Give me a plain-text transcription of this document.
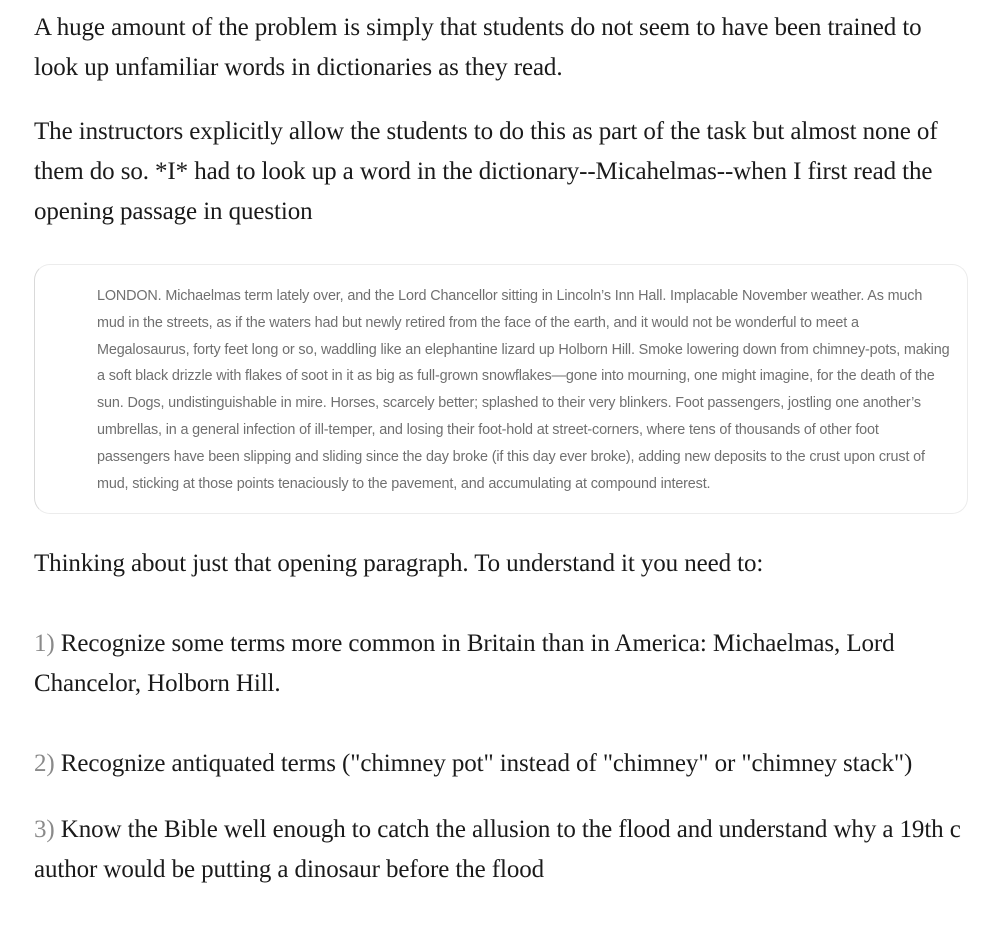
A huge amount of the problem is simply that students do not seem to have been trained to look up unfamiliar words in dictionaries as they read.

The instructors explicitly allow the students to do this as part of the task but almost none of them do so. *I* had to look up a word in the dictionary--Micahelmas--when I first read the opening passage in question

LONDON. Michaelmas term lately over, and the Lord Chancellor sitting in Lincoln’s Inn Hall. Implacable November weather. As much mud in the streets, as if the waters had but newly retired from the face of the earth, and it would not be wonderful to meet a Megalosaurus, forty feet long or so, waddling like an elephantine lizard up Holborn Hill. Smoke lowering down from chimney-pots, making a soft black drizzle with flakes of soot in it as big as full-grown snowflakes—gone into mourning, one might imagine, for the death of the sun. Dogs, undistinguishable in mire. Horses, scarcely better; splashed to their very blinkers. Foot passengers, jostling one another’s umbrellas, in a general infection of ill-temper, and losing their foot-hold at street-corners, where tens of thousands of other foot passengers have been slipping and sliding since the day broke (if this day ever broke), adding new deposits to the crust upon crust of mud, sticking at those points tenaciously to the pavement, and accumulating at compound interest.

Thinking about just that opening paragraph. To understand it you need to:

1) Recognize some terms more common in Britain than in America: Michaelmas, Lord Chancelor, Holborn Hill.

2) Recognize antiquated terms ("chimney pot" instead of "chimney" or "chimney stack")

3) Know the Bible well enough to catch the allusion to the flood and understand why a 19th c author would be putting a dinosaur before the flood
